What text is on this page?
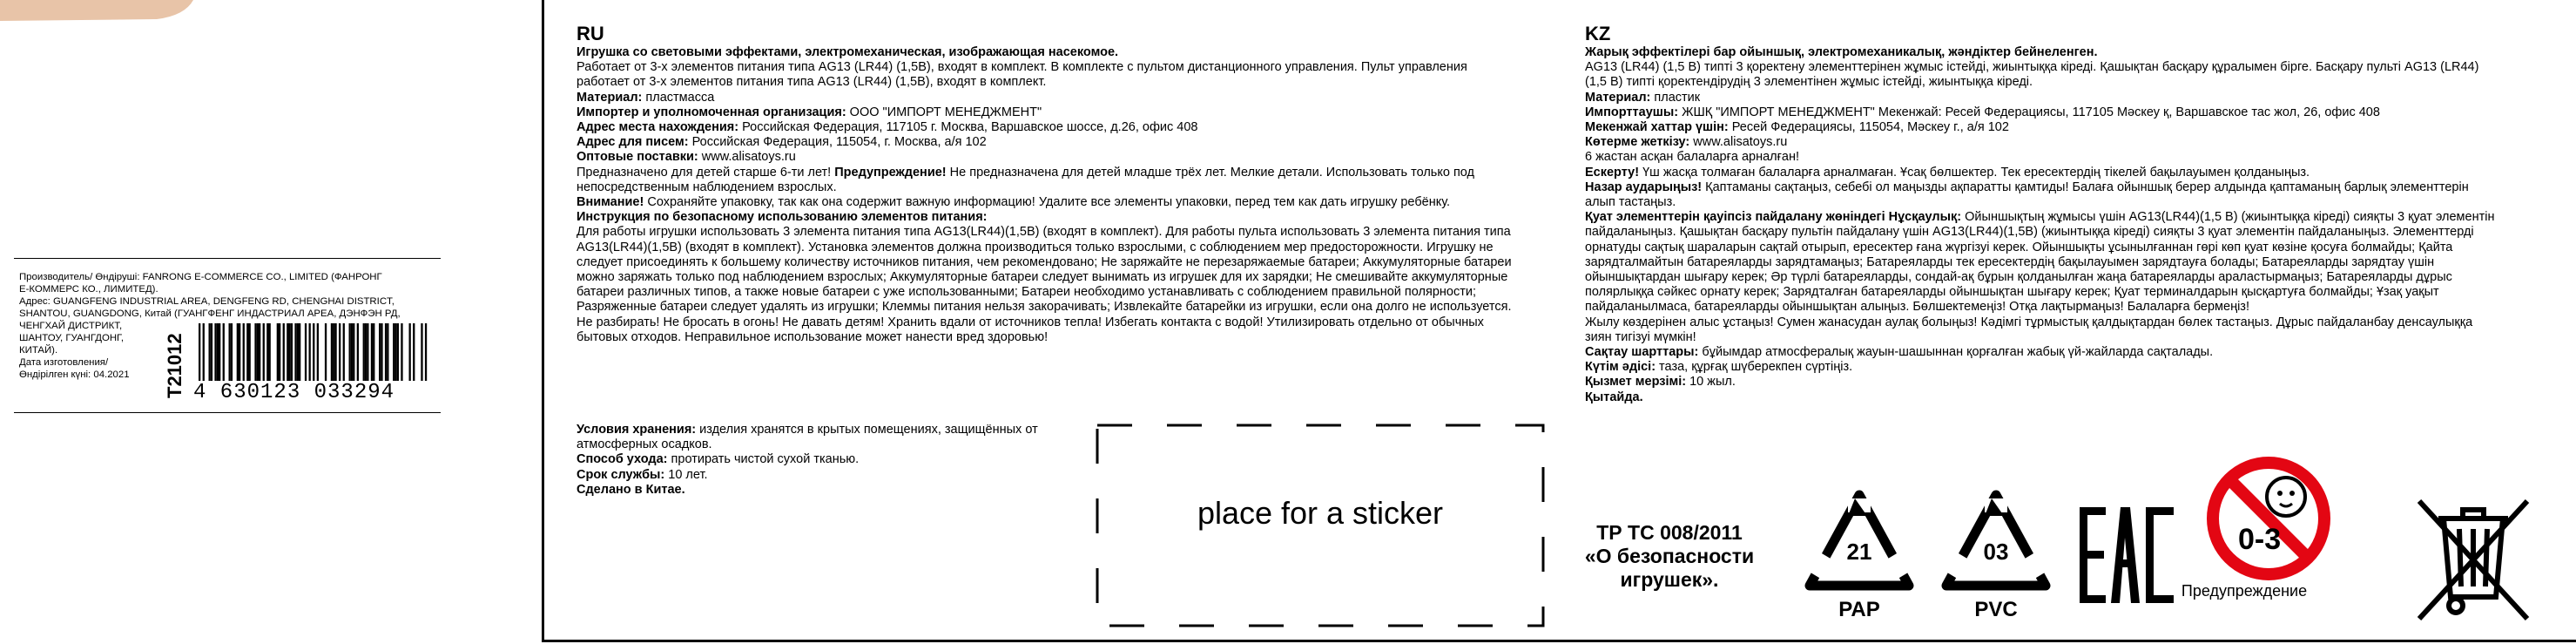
Производитель/ Өндіруші: FANRONG E-COMMERCE CO., LIMITED (ФАНРОНГ
Е-КОММЕРС КО., ЛИМИТЕД).
Адрес: GUANGFENG INDUSTRIAL AREA, DENGFENG RD, CHENGHAI DISTRICT,
SHANTOU, GUANGDONG, Китай (ГУАНГФЕНГ ИНДАСТРИАЛ АРЕА, ДЭНФЭН РД,
ЧЕНГХАЙ ДИСТРИКТ,
ШАНТОУ, ГУАНГДОНГ,
КИТАЙ).
Дата изготовления/
Өндірілген күні: 04.2021	T21012 4 630123 033294
RU
Игрушка со световыми эффектами, электромеханическая, изображающая насекомое.
Работает от 3-х элементов питания типа AG13 (LR44) (1,5В), входят в комплект. В комплекте с пультом дистанционного управления. Пульт управления
работает от 3-х элементов питания типа AG13 (LR44) (1,5В), входят в комплект.
Материал: пластмасса
Импортер и уполномоченная организация: ООО "ИМПОРТ МЕНЕДЖМЕНТ"
Адрес места нахождения: Российская Федерация, 117105 г. Москва, Варшавское шоссе, д.26, офис 408
Адрес для писем: Российская Федерация, 115054, г. Москва, а/я 102
Оптовые поставки: www.alisatoys.ru
Предназначено для детей старше 6-ти лет! Предупреждение! Не предназначена для детей младше трёх лет. Мелкие детали. Использовать только под
непосредственным наблюдением взрослых.
Внимание! Сохраняйте упаковку, так как она содержит важную информацию! Удалите все элементы упаковки, перед тем как дать игрушку ребёнку.
Инструкция по безопасному использованию элементов питания:
Для работы игрушки использовать 3 элемента питания типа AG13(LR44)(1,5В) (входят в комплект). Для работы пульта использовать 3 элемента питания типа
AG13(LR44)(1,5В) (входят в комплект). Установка элементов должна производиться только взрослыми, с соблюдением мер предосторожности. Игрушку не
следует присоединять к большему количеству источников питания, чем рекомендовано; Не заряжайте не перезаряжаемые батареи; Аккумуляторные батареи
можно заряжать только под наблюдением взрослых; Аккумуляторные батареи следует вынимать из игрушек для их зарядки; Не смешивайте аккумуляторные
батареи различных типов, а также новые батареи с уже использованными; Батареи необходимо устанавливать с соблюдением правильной полярности;
Разряженные батареи следует удалять из игрушки; Клеммы питания нельзя закорачивать; Извлекайте батарейки из игрушки, если она долго не используется.
Не разбирать! Не бросать в огонь! Не давать детям! Хранить вдали от источников тепла! Избегать контакта с водой! Утилизировать отдельно от обычных
бытовых отходов. Неправильное использование может нанести вред здоровью!
Условия хранения: изделия хранятся в крытых помещениях, защищённых от
атмосферных осадков.
Способ ухода: протирать чистой сухой тканью.
Срок службы: 10 лет.
Сделано в Китае.
KZ
Жарық эффектілері бар ойыншық, электромеханикалық, жәндіктер бейнеленген.
AG13 (LR44) (1,5 В) типті 3 қоректену элементтерінен жұмыс істейді, жиынтыққа кіреді. Қашықтан басқару құралымен бірге. Басқару пульті AG13 (LR44)
(1,5 В) типті қоректендірудің 3 элементінен жұмыс істейді, жиынтыққа кіреді.
Материал: пластик
Импорттаушы: ЖШҚ "ИМПОРТ МЕНЕДЖМЕНТ" Мекенжай: Ресей Федерациясы, 117105 Мәскеу қ, Варшавское тас жол, 26, офис 408
Мекенжай хаттар үшін: Ресей Федерациясы, 115054, Мәскеу г., а/я 102
Көтерме жеткізу: www.alisatoys.ru
6 жастан асқан балаларға арналған!
Ескерту! Үш жасқа толмаған балаларға арналмаған. Ұсақ бөлшектер. Тек ересектердің тікелей бақылауымен қолданыңыз.
Назар аударыңыз! Қаптаманы сақтаңыз, себебі ол маңызды ақпаратты қамтиды! Балаға ойыншық берер алдында қаптаманың барлық элементтерін
алып тастаңыз.
Қуат элементтерін қауіпсіз пайдалану жөніндегі Нұсқаулық: Ойыншықтың жұмысы үшін AG13(LR44)(1,5 В) (жиынтыққа кіреді) сияқты 3 қуат элементін
пайдаланыңыз. Қашықтан басқару пультін пайдалану үшін AG13(LR44)(1,5В) (жиынтыққа кіреді) сияқты 3 қуат элементін пайдаланыңыз. Элементтерді
орнатуды сақтық шараларын сақтай отырып, ересектер ғана жүргізуі керек. Ойыншықты ұсынылғаннан гөрі көп қуат көзіне қосуға болмайды; Қайта
зарядталмайтын батареяларды зарядтамаңыз; Батареяларды тек ересектердің бақылауымен зарядтауға болады; Батареяларды зарядтау үшін
ойыншықтардан шығару керек; Әр түрлі батареяларды, сондай-ақ бұрын қолданылған жаңа батареяларды араластырмаңыз; Батареяларды дұрыс
полярлыққа сәйкес орнату керек; Зарядталған батареяларды ойыншықтан шығару керек; Қуат терминалдарын қысқартуға болмайды; Ұзақ уақыт
пайдаланылмаса, батареяларды ойыншықтан алыңыз. Бөлшектемеңіз! Отқа лақтырмаңыз! Балаларға бермеңіз!
Жылу көздерінен алыс ұстаңыз! Сумен жанасудан аулақ болыңыз! Кәдімгі тұрмыстық қалдықтардан бөлек тастаңыз. Дұрыс пайдаланбау денсаулыққа
зиян тигізуі мүмкін!
Сақтау шарттары: бұйымдар атмосфералық жауын-шашыннан қорғалған жабық үй-жайларда сақталады.
Күтім әдісі: таза, құрғақ шүберекпен сүртіңіз.
Қызмет мерзімі: 10 жыл.
Қытайда.
place for a sticker
ТР ТС 008/2011
«О безопасности
игрушек».
21
PAP
03
PVC
0-3
Предупреждение
